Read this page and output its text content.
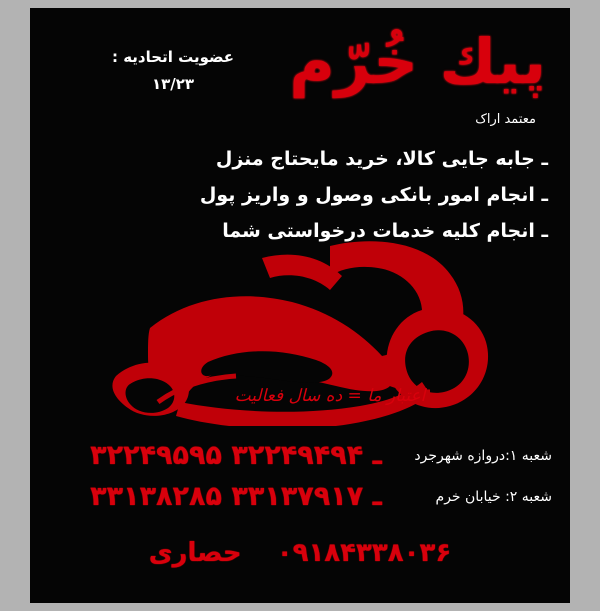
عضویت اتحادیه :
۱۳/۲۳	پیك خُرّم
معتمد اراک
ـ جابه جایی کالا، خرید مایحتاج منزل
ـ انجام امور بانکی وصول و واریز پول
ـ انجام کلیه خدمات درخواستی شما
اعتبار ما = ده سال فعالیت
شعبه ۱:دروازه شهرجرد
۳۲۲۴۹۵۹۵ ـ ۳۲۲۴۹۴۹۴
شعبه ۲: خیابان خرم
۳۳۱۳۸۲۸۵ ـ ۳۳۱۳۷۹۱۷
۰۹۱۸۴۳۳۸۰۳۶ حصاری
